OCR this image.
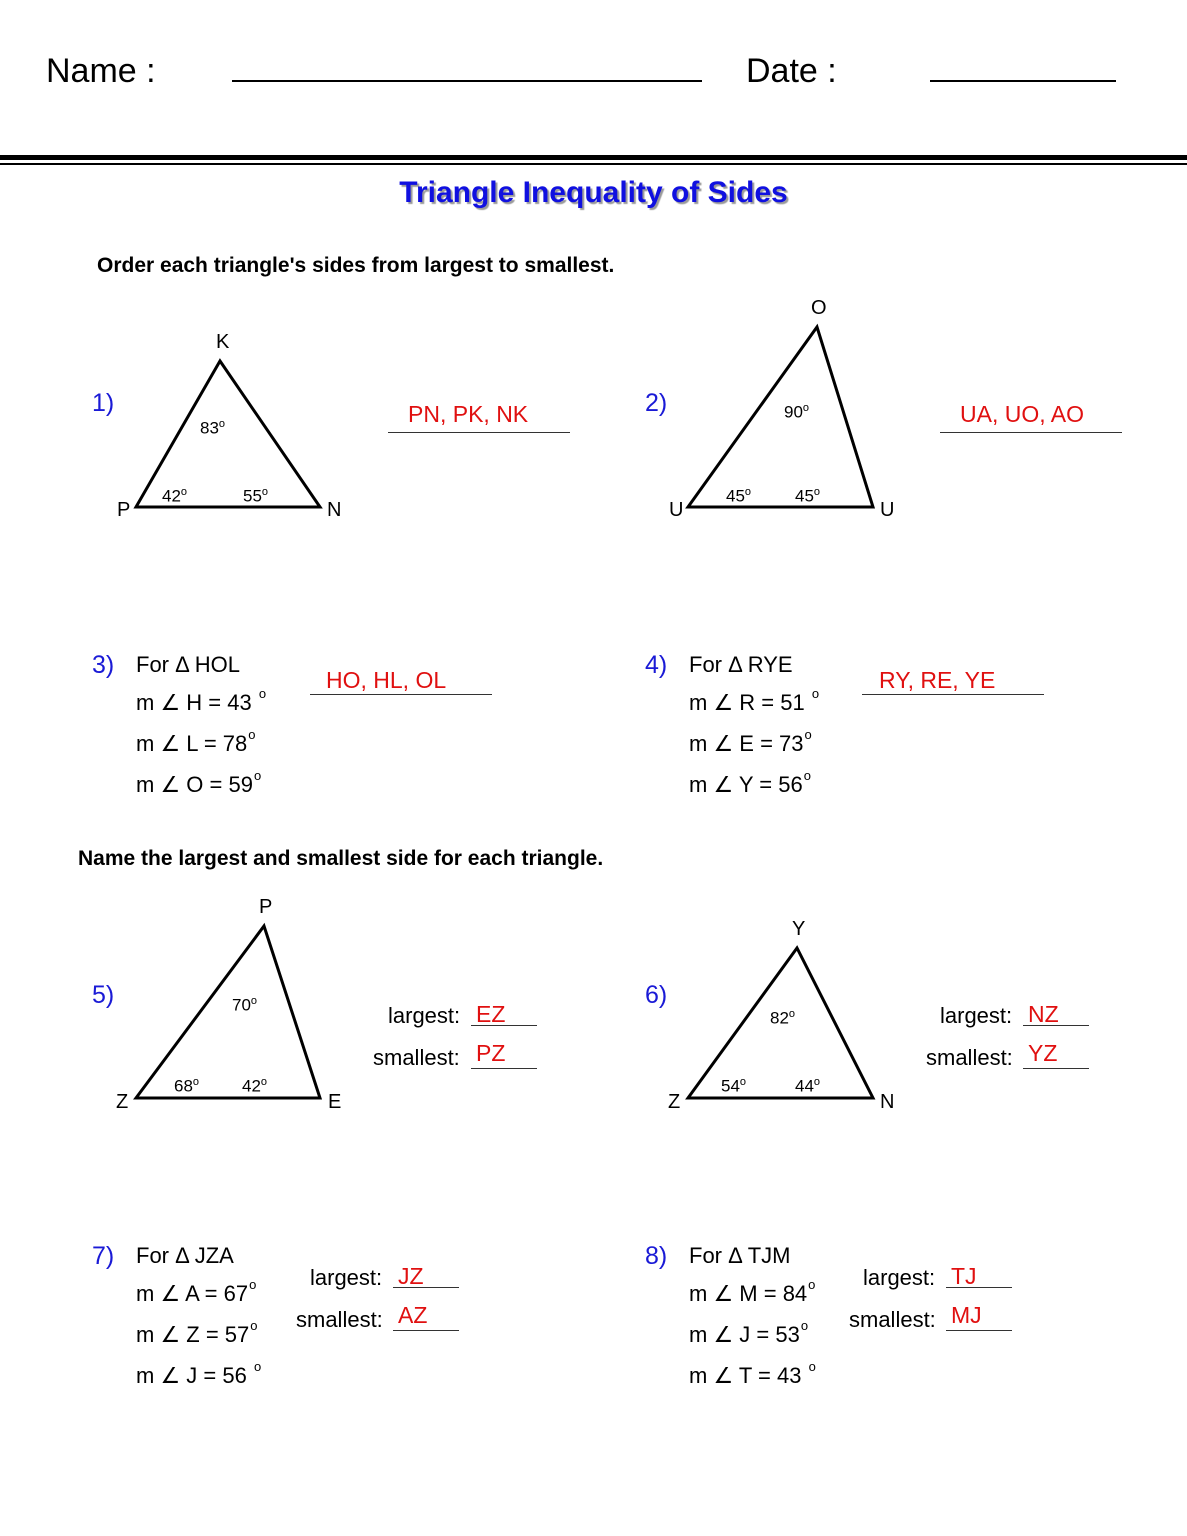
Name :	Date :
Triangle Inequality of Sides
Order each triangle's sides from largest to smallest.
1)
K
P	N
83$^o$
42$^o$	55$^o$
PN, PK, NK	2)
O
U	U
90$^o$
45$^o$	45$^o$
UA, UO, AO
3) For Δ HOL
m ∠ H = 43 $^o$
m ∠ $L = 78^o$
m ∠ $O = 59^o$
HO, HL, OL
4) For Δ RYE
m ∠ R = 51 $^o$
m ∠ $E = 73^o$
m ∠ $Y = 56^o$
RY, RE, YE
Name the largest and smallest side for each triangle.
5)
P
Z	E
70$^o$
68$^o$	42$^o$
largest: EZ
smallest: PZ
6)
Y
Z	N
82$^o$
54$^o$	44$^o$
largest: NZ
smallest: YZ
7) For Δ JZA
m ∠ $A = 67^o$
m ∠ $Z = 57^o$
m ∠ J = 56 $^o$
largest: JZ
smallest: AZ
8) For Δ TJM
m ∠ $M = 84^o$
m ∠ $J = 53^o$
m ∠ T = 43 $^o$
largest: TJ
smallest: MJ
